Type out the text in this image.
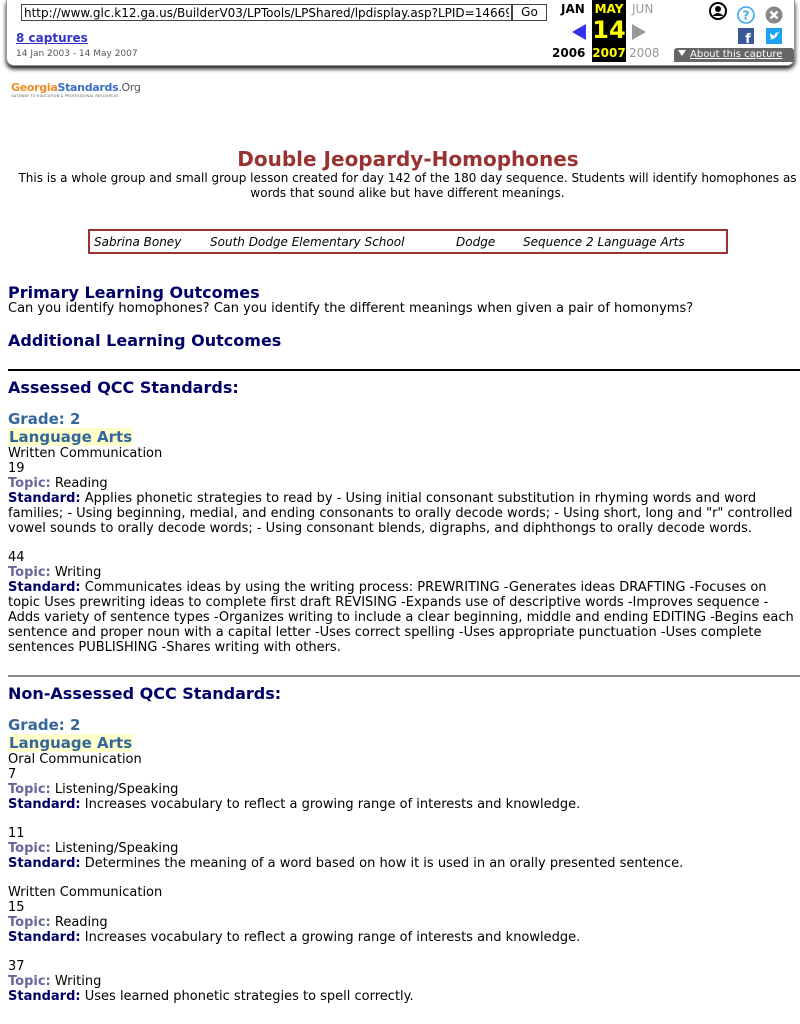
http://www.glc.k12.ga.us/BuilderV03/LPTools/LPShared/lpdisplay.asp?LPID=14669
Go
8 captures
14 Jan 2003 - 14 May 2007
JAN	JUN
MAY
14
2007
2006	2008
?
f
About this capture
GeorgiaStandards.Org
GATEWAY TO EDUCATION & PROFESSIONAL RESOURCES
Double Jeopardy-Homophones
This is a whole group and small group lesson created for day 142 of the 180 day sequence. Students will identify homophones as words that sound alike but have different meanings.
Sabrina Boney South Dodge Elementary School	Dodge Sequence 2 Language Arts
Primary Learning Outcomes
Can you identify homophones? Can you identify the different meanings when given a pair of homonyms?
Additional Learning Outcomes
Assessed QCC Standards:
Grade: 2
Language Arts
Written Communication
19
Topic: Reading
Standard: Applies phonetic strategies to read by - Using initial consonant substitution in rhyming words and word families; - Using beginning, medial, and ending consonants to orally decode words; - Using short, long and "r" controlled vowel sounds to orally decode words; - Using consonant blends, digraphs, and diphthongs to orally decode words.
44
Topic: Writing
Standard: Communicates ideas by using the writing process: PREWRITING -Generates ideas DRAFTING -Focuses on topic Uses prewriting ideas to complete first draft REVISING -Expands use of descriptive words -Improves sequence -Adds variety of sentence types -Organizes writing to include a clear beginning, middle and ending EDITING -Begins each sentence and proper noun with a capital letter -Uses correct spelling -Uses appropriate punctuation -Uses complete sentences PUBLISHING -Shares writing with others.
Non-Assessed QCC Standards:
Grade: 2
Language Arts
Oral Communication
7
Topic: Listening/Speaking
Standard: Increases vocabulary to reflect a growing range of interests and knowledge.
11
Topic: Listening/Speaking
Standard: Determines the meaning of a word based on how it is used in an orally presented sentence.
Written Communication
15
Topic: Reading
Standard: Increases vocabulary to reflect a growing range of interests and knowledge.
37
Topic: Writing
Standard: Uses learned phonetic strategies to spell correctly.
